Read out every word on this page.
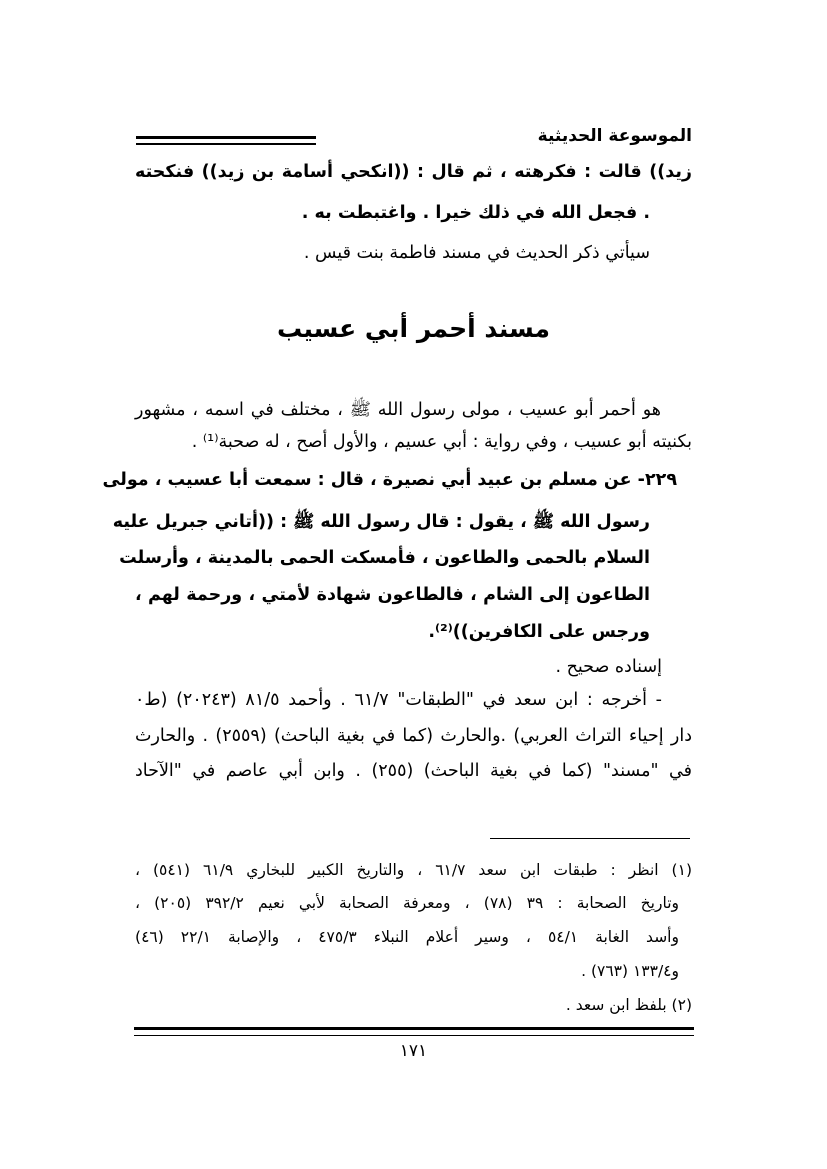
الموسوعة الحديثية
زيد)) قالت : فكرهته ، ثم قال : ((انكحي أسامة بن زيد)) فنكحته
. فجعل الله في ذلك خيرا . واغتبطت به .
سيأتي ذكر الحديث في مسند فاطمة بنت قيس .
مسند أحمر أبي عسيب
هو أحمر أبو عسيب ، مولى رسول الله ﷺ ، مختلف في اسمه ، مشهور
بكنيته أبو عسيب ، وفي رواية : أبي عسيم ، والأول أصح ، له صحبة⁽¹⁾ .
٢٢٩- عن مسلم بن عبيد أبي نصيرة ، قال : سمعت أبا عسيب ، مولى
رسول الله ﷺ ، يقول : قال رسول الله ﷺ : ((أتاني جبريل عليه
السلام بالحمى والطاعون ، فأمسكت الحمى بالمدينة ، وأرسلت
الطاعون إلى الشام ، فالطاعون شهادة لأمتي ، ورحمة لهم ،
ورجس على الكافرين))⁽²⁾.
إسناده صحيح .
- أخرجه : ابن سعد في "الطبقات" ٦١/٧ . وأحمد ٨١/٥ (٢٠٢٤٣) (ط٠
دار إحياء التراث العربي) .والحارث (كما في بغية الباحث) (٢٥٥٩) . والحارث
في "مسند" (كما في بغية الباحث) (٢٥٥) . وابن أبي عاصم في "الآحاد
(١) انظر : طبقات ابن سعد ٦١/٧ ، والتاريخ الكبير للبخاري ٦١/٩ (٥٤١) ،
وتاريخ الصحابة : ٣٩ (٧٨) ، ومعرفة الصحابة لأبي نعيم ٣٩٢/٢ (٢٠٥) ،
وأسد الغابة ٥٤/١ ، وسير أعلام النبلاء ٤٧٥/٣ ، والإصابة ٢٢/١ (٤٦)
و١٣٣/٤ (٧٦٣) .
(٢) بلفظ ابن سعد .
١٧١
